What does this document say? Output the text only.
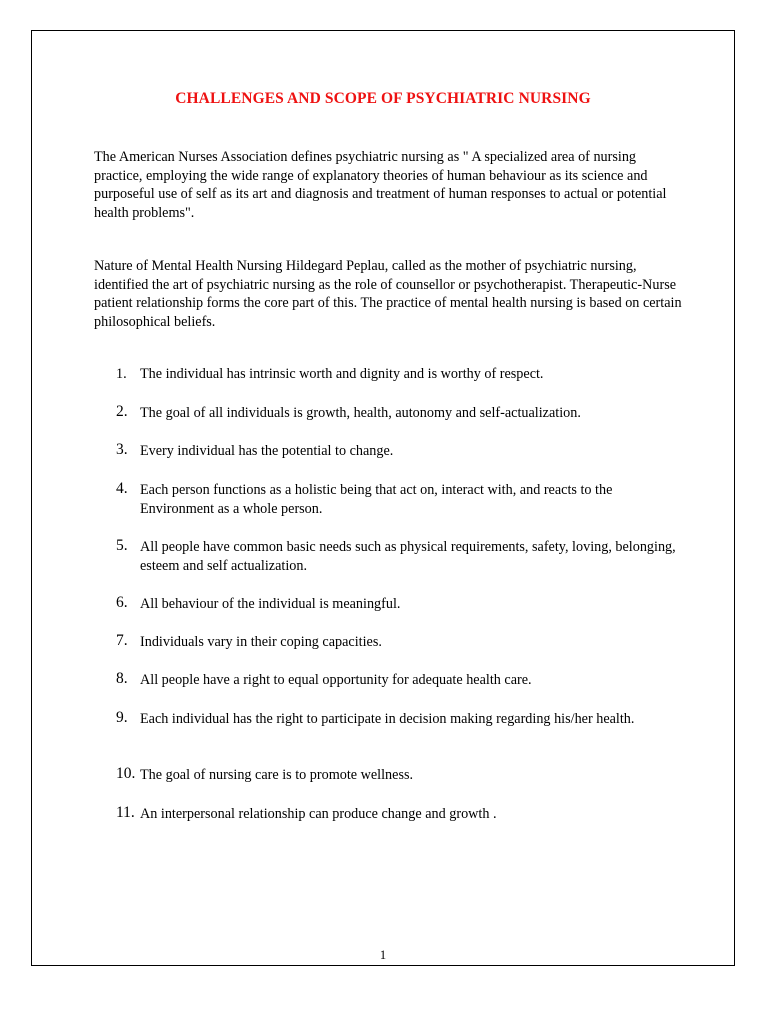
CHALLENGES AND SCOPE OF PSYCHIATRIC NURSING

The American Nurses Association defines psychiatric nursing as " A specialized area of nursing practice, employing the wide range of explanatory theories of human behaviour as its science and purposeful use of self as its art and diagnosis and treatment of human responses to actual or potential health problems".

Nature of Mental Health Nursing Hildegard Peplau, called as the mother of psychiatric nursing, identified the art of psychiatric nursing as the role of counsellor or psychotherapist. Therapeutic-Nurse patient relationship forms the core part of this. The practice of mental health nursing is based on certain philosophical beliefs.

1. The individual has intrinsic worth and dignity and is worthy of respect.
2. The goal of all individuals is growth, health, autonomy and self-actualization.
3. Every individual has the potential to change.
4. Each person functions as a holistic being that act on, interact with, and reacts to the Environment as a whole person.
5. All people have common basic needs such as physical requirements, safety, loving, belonging, esteem and self actualization.
6. All behaviour of the individual is meaningful.
7. Individuals vary in their coping capacities.
8. All people have a right to equal opportunity for adequate health care.
9. Each individual has the right to participate in decision making regarding his/her health.
10. The goal of nursing care is to promote wellness.
11. An interpersonal relationship can produce change and growth .
1
